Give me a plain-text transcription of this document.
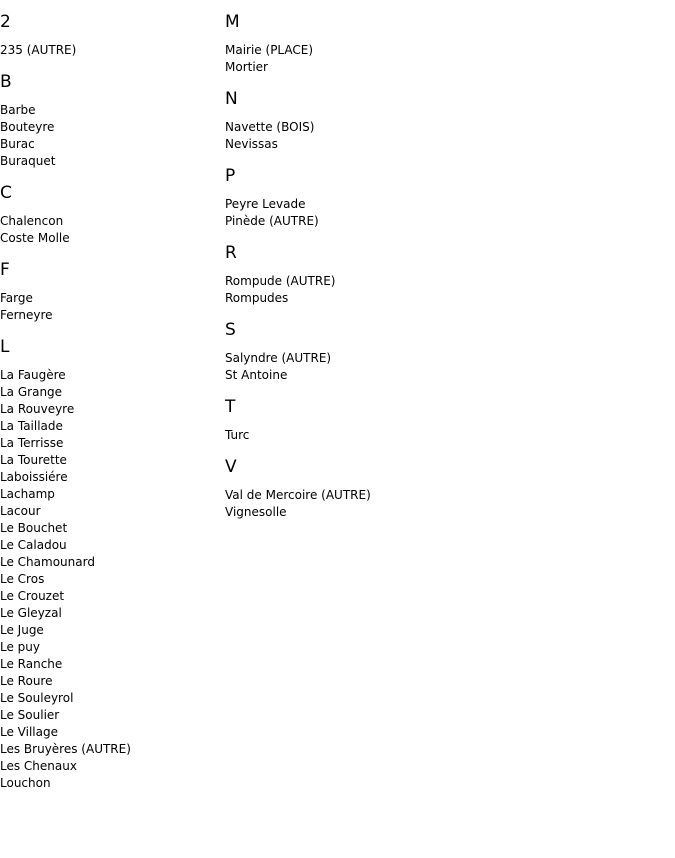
2
235 (AUTRE)
B
Barbe
Bouteyre
Burac
Buraquet
C
Chalencon
Coste Molle
F
Farge
Ferneyre
L
La Faugère
La Grange
La Rouveyre
La Taillade
La Terrisse
La Tourette
Laboissiére
Lachamp
Lacour
Le Bouchet
Le Caladou
Le Chamounard
Le Cros
Le Crouzet
Le Gleyzal
Le Juge
Le puy
Le Ranche
Le Roure
Le Souleyrol
Le Soulier
Le Village
Les Bruyères (AUTRE)
Les Chenaux
Louchon
M
Mairie (PLACE)
Mortier
N
Navette (BOIS)
Nevissas
P
Peyre Levade
Pinède (AUTRE)
R
Rompude (AUTRE)
Rompudes
S
Salyndre (AUTRE)
St Antoine
T
Turc
V
Val de Mercoire (AUTRE)
Vignesolle
